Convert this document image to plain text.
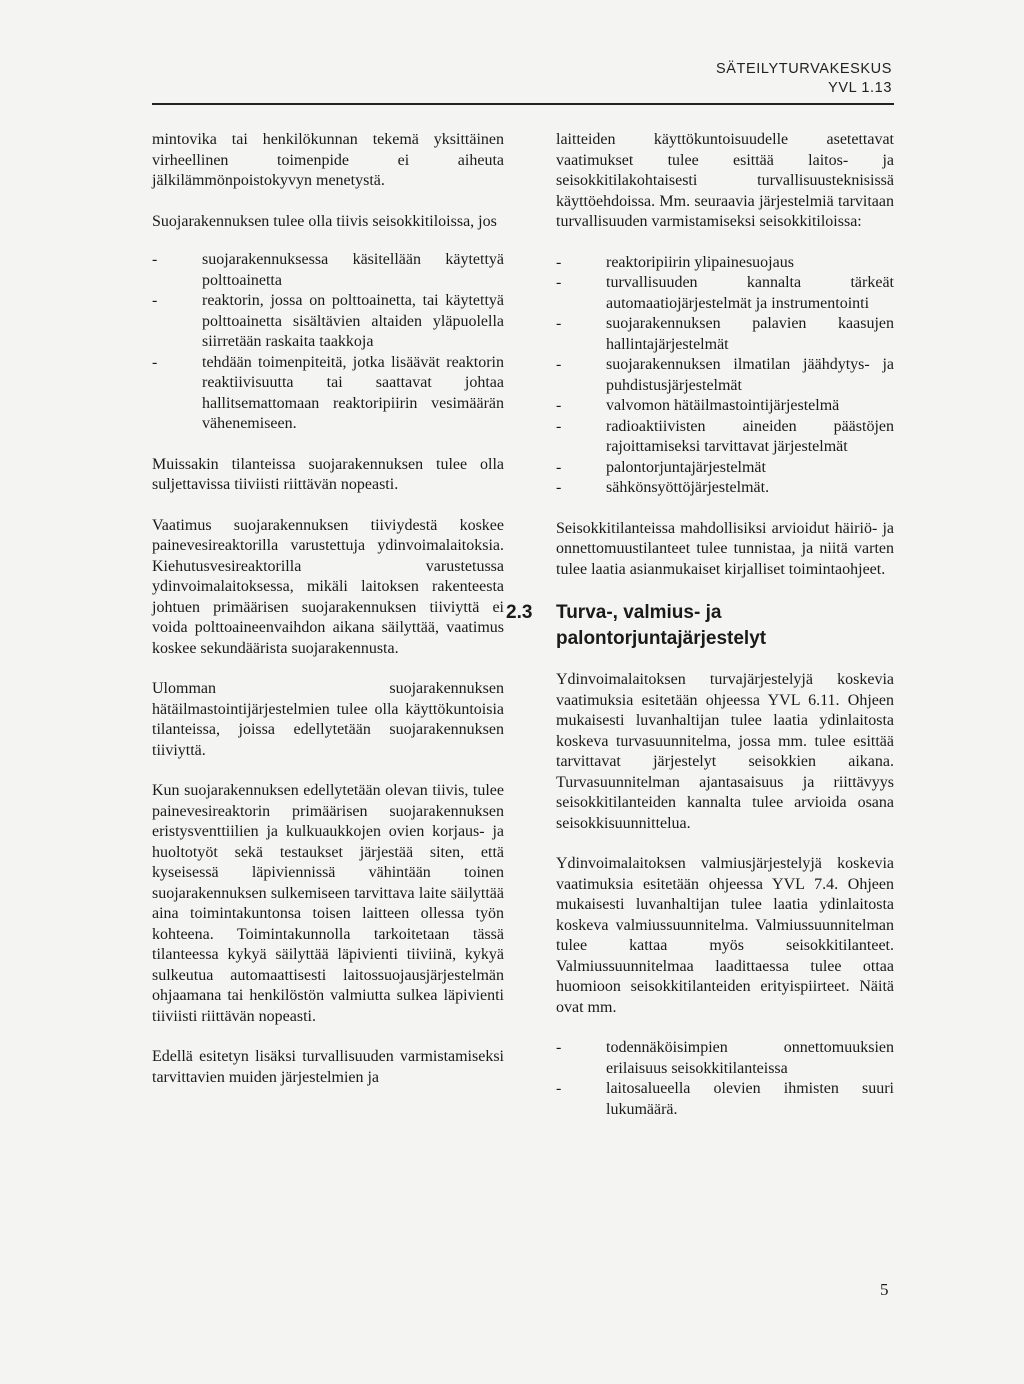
SÄTEILYTURVAKESKUS
YVL 1.13

mintovika tai henkilökunnan tekemä yksittäinen virheellinen toimenpide ei aiheuta jälkilämmönpoistokyvyn menetystä.

Suojarakennuksen tulee olla tiivis seisokkitiloissa, jos

- suojarakennuksessa käsitellään käytettyä polttoainetta
- reaktorin, jossa on polttoainetta, tai käytettyä polttoainetta sisältävien altaiden yläpuolella siirretään raskaita taakkoja
- tehdään toimenpiteitä, jotka lisäävät reaktorin reaktiivisuutta tai saattavat johtaa hallitsemattomaan reaktoripiirin vesimäärän vähenemiseen.

Muissakin tilanteissa suojarakennuksen tulee olla suljettavissa tiiviisti riittävän nopeasti.

Vaatimus suojarakennuksen tiiviydestä koskee painevesireaktorilla varustettuja ydinvoimalaitoksia. Kiehutusvesireaktorilla varustetussa ydinvoimalaitoksessa, mikäli laitoksen rakenteesta johtuen primäärisen suojarakennuksen tiiviyttä ei voida polttoaineenvaihdon aikana säilyttää, vaatimus koskee sekundäärista suojarakennusta.

Ulomman suojarakennuksen hätäilmastointijärjestelmien tulee olla käyttökuntoisia tilanteissa, joissa edellytetään suojarakennuksen tiiviyttä.

Kun suojarakennuksen edellytetään olevan tiivis, tulee painevesireaktorin primäärisen suojarakennuksen eristysventtiilien ja kulkuaukkojen ovien korjaus- ja huoltotyöt sekä testaukset järjestää siten, että kyseisessä läpiviennissä vähintään toinen suojarakennuksen sulkemiseen tarvittava laite säilyttää aina toimintakuntonsa toisen laitteen ollessa työn kohteena. Toimintakunnolla tarkoitetaan tässä tilanteessa kykyä säilyttää läpivienti tiiviinä, kykyä sulkeutua automaattisesti laitossuojausjärjestelmän ohjaamana tai henkilöstön valmiutta sulkea läpivienti tiiviisti riittävän nopeasti.

Edellä esitetyn lisäksi turvallisuuden varmistamiseksi tarvittavien muiden järjestelmien ja

laitteiden käyttökuntoisuudelle asetettavat vaatimukset tulee esittää laitos- ja seisokkitilakohtaisesti turvallisuusteknisissä käyttöehdoissa. Mm. seuraavia järjestelmiä tarvitaan turvallisuuden varmistamiseksi seisokkitiloissa:

- reaktoripiirin ylipainesuojaus
- turvallisuuden kannalta tärkeät automaatiojärjestelmät ja instrumentointi
- suojarakennuksen palavien kaasujen hallintajärjestelmät
- suojarakennuksen ilmatilan jäähdytys- ja puhdistusjärjestelmät
- valvomon hätäilmastointijärjestelmä
- radioaktiivisten aineiden päästöjen rajoittamiseksi tarvittavat järjestelmät
- palontorjuntajärjestelmät
- sähkönsyöttöjärjestelmät.

Seisokkitilanteissa mahdollisiksi arvioidut häiriö- ja onnettomuustilanteet tulee tunnistaa, ja niitä varten tulee laatia asianmukaiset kirjalliset toimintaohjeet.

2.3 Turva-, valmius- ja palontorjuntajärjestelyt

Ydinvoimalaitoksen turvajärjestelyjä koskevia vaatimuksia esitetään ohjeessa YVL 6.11. Ohjeen mukaisesti luvanhaltijan tulee laatia ydinlaitosta koskeva turvasuunnitelma, jossa mm. tulee esittää tarvittavat järjestelyt seisokkien aikana. Turvasuunnitelman ajantasaisuus ja riittävyys seisokkitilanteiden kannalta tulee arvioida osana seisokkisuunnittelua.

Ydinvoimalaitoksen valmiusjärjestelyjä koskevia vaatimuksia esitetään ohjeessa YVL 7.4. Ohjeen mukaisesti luvanhaltijan tulee laatia ydinlaitosta koskeva valmiussuunnitelma. Valmiussuunnitelman tulee kattaa myös seisokkitilanteet. Valmiussuunnitelmaa laadittaessa tulee ottaa huomioon seisokkitilanteiden erityispiirteet. Näitä ovat mm.

- todennäköisimpien onnettomuuksien erilaisuus seisokkitilanteissa
- laitosalueella olevien ihmisten suuri lukumäärä.
5
